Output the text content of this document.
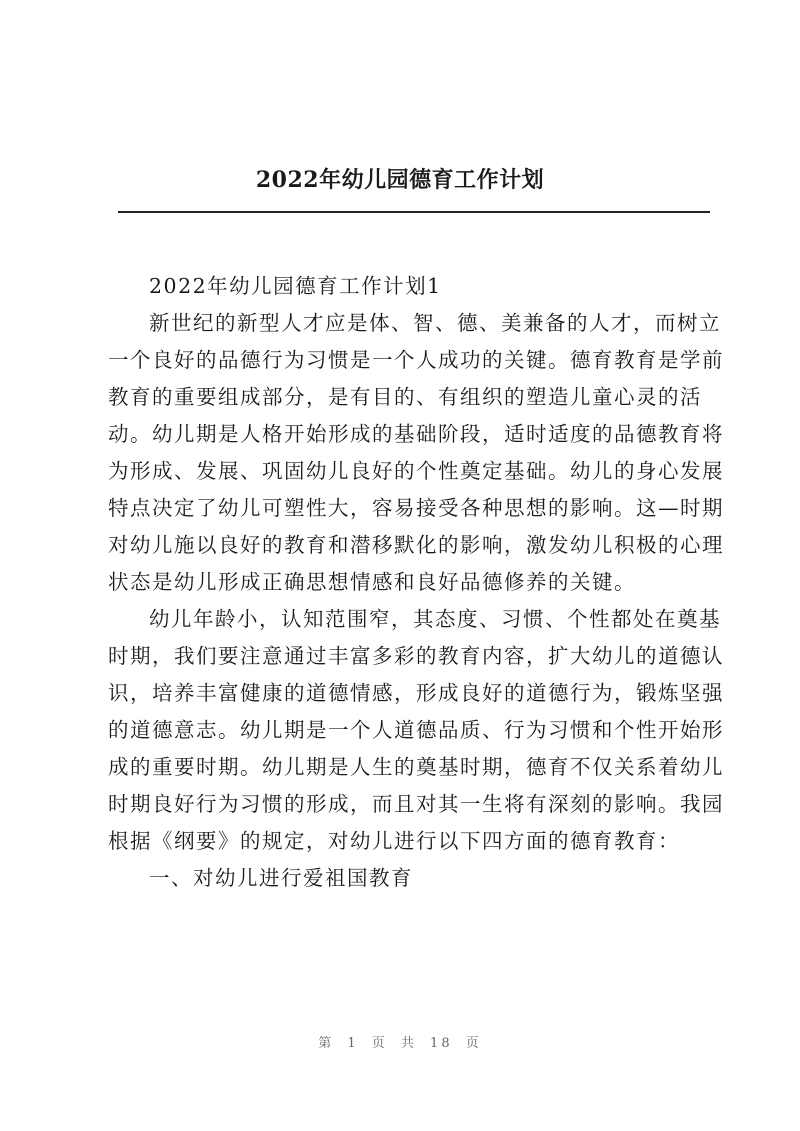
2022年幼儿园德育工作计划
2022年幼儿园德育工作计划1
新世纪的新型人才应是体、智、德、美兼备的人才，而树立
一个良好的品德行为习惯是一个人成功的关键。德育教育是学前
教育的重要组成部分，是有目的、有组织的塑造儿童心灵的活
动。幼儿期是人格开始形成的基础阶段，适时适度的品德教育将
为形成、发展、巩固幼儿良好的个性奠定基础。幼儿的身心发展
特点决定了幼儿可塑性大，容易接受各种思想的影响。这—时期
对幼儿施以良好的教育和潜移默化的影响，激发幼儿积极的心理
状态是幼儿形成正确思想情感和良好品德修养的关键。
幼儿年龄小，认知范围窄，其态度、习惯、个性都处在奠基
时期，我们要注意通过丰富多彩的教育内容，扩大幼儿的道德认
识，培养丰富健康的道德情感，形成良好的道德行为，锻炼坚强
的道德意志。幼儿期是一个人道德品质、行为习惯和个性开始形
成的重要时期。幼儿期是人生的奠基时期，德育不仅关系着幼儿
时期良好行为习惯的形成，而且对其一生将有深刻的影响。我园
根据《纲要》的规定，对幼儿进行以下四方面的德育教育：
一、对幼儿进行爱祖国教育
第 1 页 共 18 页
